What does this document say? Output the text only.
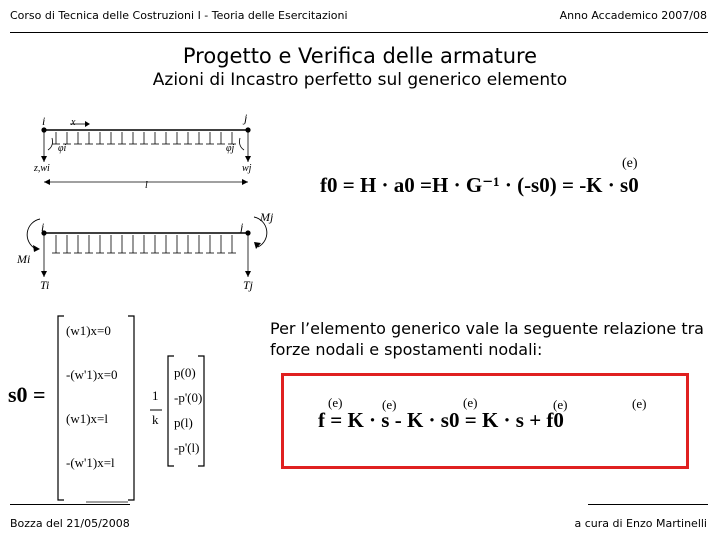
Corso di Tecnica delle Costruzioni I - Teoria delle Esercitazioni	Anno Accademico 2007/08
Progetto e Verifica delle armature
Azioni di Incastro perfetto sul generico elemento
i	j
x
φi	φj
z,wi	wj
l
i	j
Mj
Mi
Ti	Tj
(e)
f0 = H · a0 =H · G⁻¹ · (-s0) = -K · s0
s0 =
(w1)x=0
-(w'1)x=0
(w1)x=l
-(w'1)x=l
1
k
p(0)
-p'(0)
p(l)
-p'(l)
Per l’elemento generico vale la seguente relazione tra forze nodali e spostamenti nodali:
(e)	(e)	(e)	(e)	(e)
f = K · s - K · s0 = K · s + f0
Bozza del 21/05/2008	a cura di Enzo Martinelli
